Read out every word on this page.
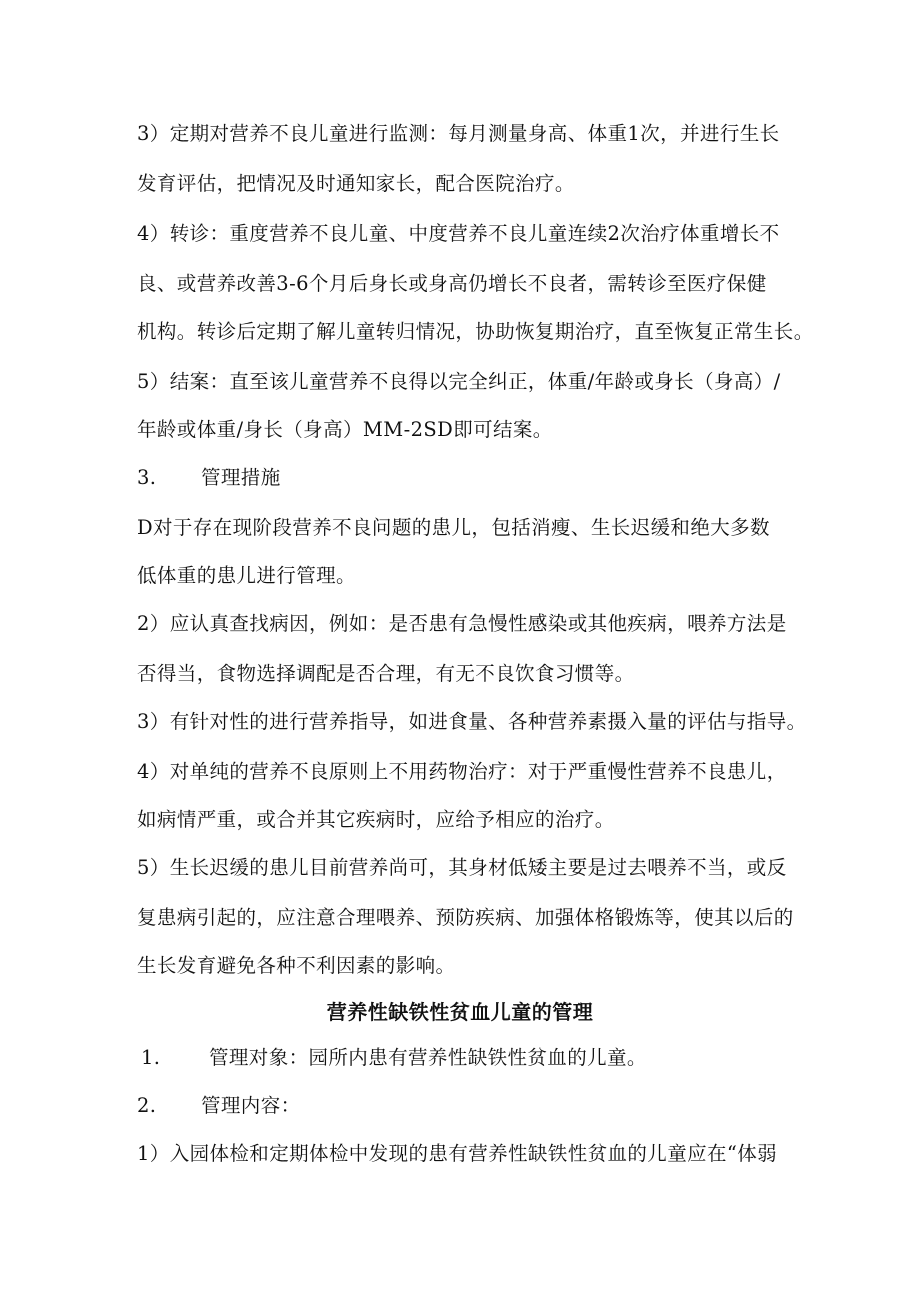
3）定期对营养不良儿童进行监测：每月测量身高、体重1次，并进行生长
发育评估，把情况及时通知家长，配合医院治疗。
4）转诊：重度营养不良儿童、中度营养不良儿童连续2次治疗体重增长不
良、或营养改善3-6个月后身长或身高仍增长不良者，需转诊至医疗保健
机构。转诊后定期了解儿童转归情况，协助恢复期治疗，直至恢复正常生长。
5）结案：直至该儿童营养不良得以完全纠正，体重/年龄或身长（身高）/
年龄或体重/身长（身高）MM-2SD即可结案。
3. 管理措施
D对于存在现阶段营养不良问题的患儿，包括消瘦、生长迟缓和绝大多数
低体重的患儿进行管理。
2）应认真查找病因，例如：是否患有急慢性感染或其他疾病，喂养方法是
否得当，食物选择调配是否合理，有无不良饮食习惯等。
3）有针对性的进行营养指导，如进食量、各种营养素摄入量的评估与指导。
4）对单纯的营养不良原则上不用药物治疗：对于严重慢性营养不良患儿，
如病情严重，或合并其它疾病时，应给予相应的治疗。
5）生长迟缓的患儿目前营养尚可，其身材低矮主要是过去喂养不当，或反
复患病引起的，应注意合理喂养、预防疾病、加强体格锻炼等，使其以后的
生长发育避免各种不利因素的影响。
营养性缺铁性贫血儿童的管理
1. 管理对象：园所内患有营养性缺铁性贫血的儿童。
2. 管理内容：
1）入园体检和定期体检中发现的患有营养性缺铁性贫血的儿童应在“体弱
